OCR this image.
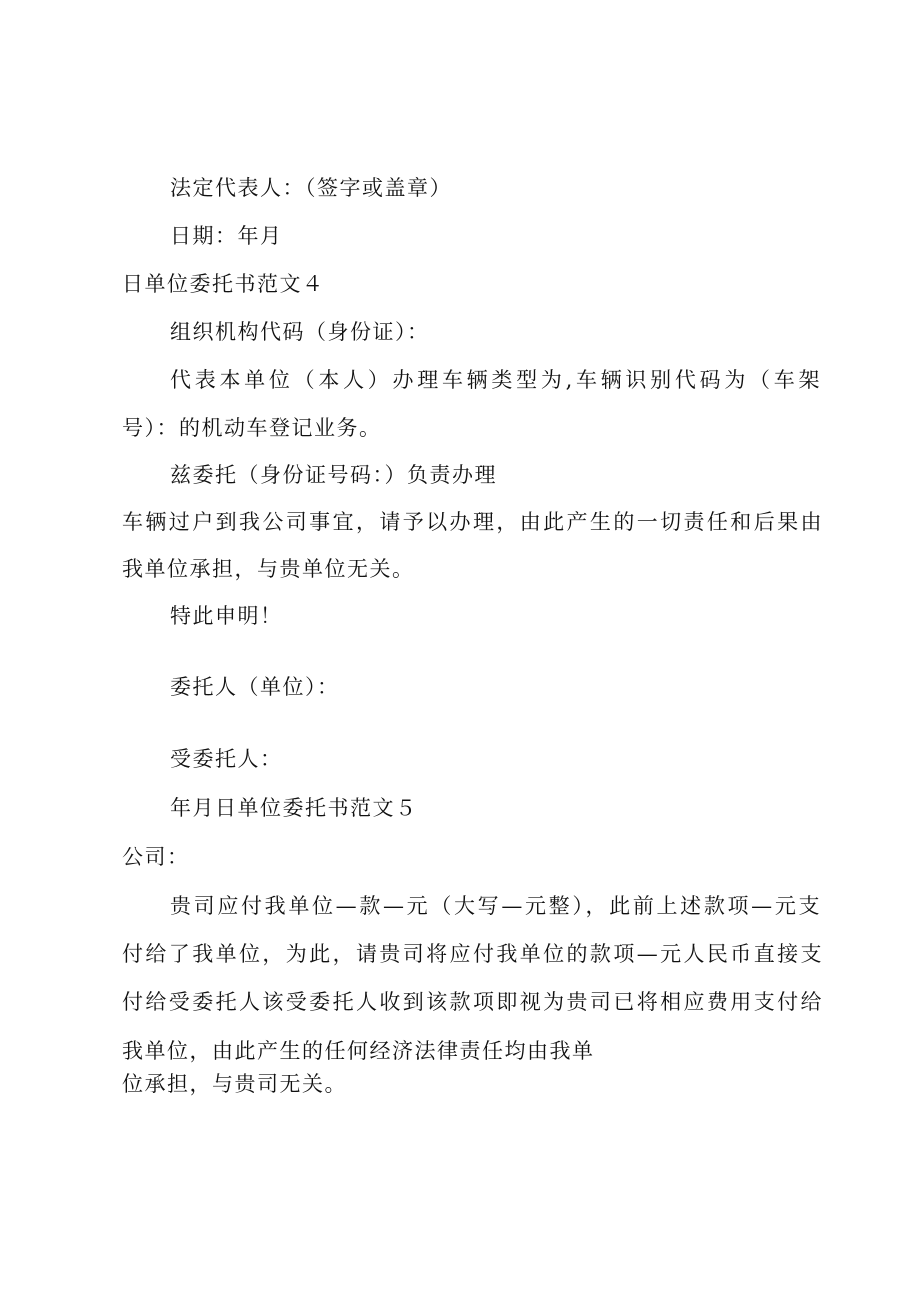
法定代表人：（签字或盖章）

日期：年月

日单位委托书范文４

组织机构代码（身份证）：

代表本单位（本人）办理车辆类型为,车辆识别代码为（车架

号）：的机动车登记业务。

兹委托（身份证号码：）负责办理

车辆过户到我公司事宜，请予以办理，由此产生的一切责任和后果由

我单位承担，与贵单位无关。

特此申明！

委托人（单位）：

受委托人：

年月日单位委托书范文５

公司：

贵司应付我单位—款—元（大写—元整），此前上述款项—元支

付给了我单位，为此，请贵司将应付我单位的款项—元人民币直接支

付给受委托人该受委托人收到该款项即视为贵司已将相应费用支付给

我单位，由此产生的任何经济法律责任均由我单

位承担，与贵司无关。
